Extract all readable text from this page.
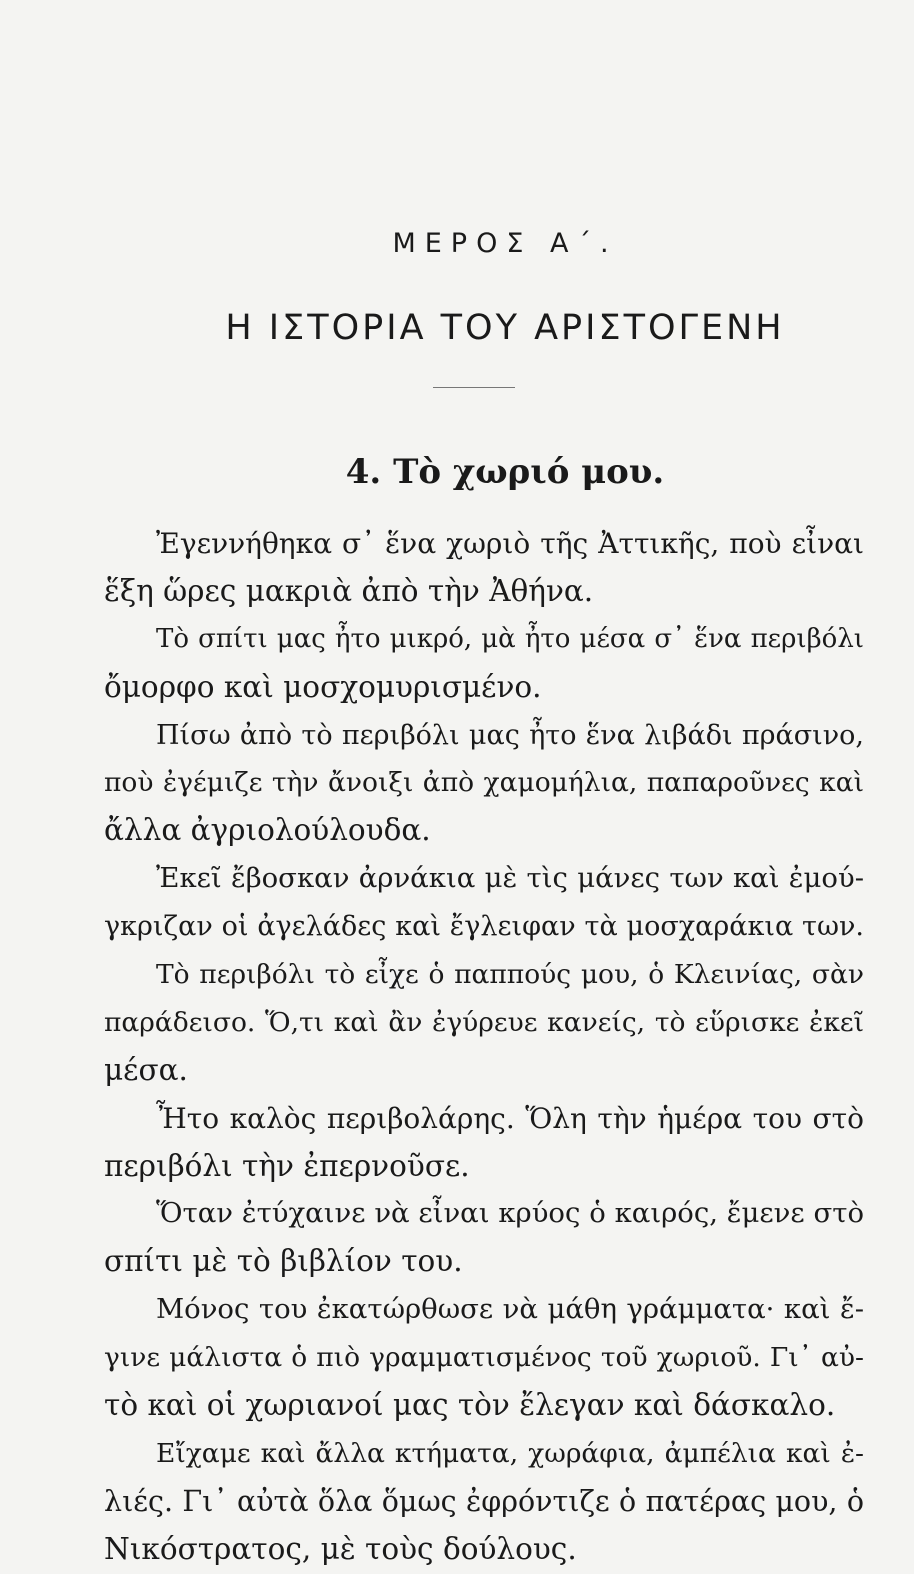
ΜΕΡΟΣ Α΄.
Η ΙΣΤΟΡΙΑ ΤΟΥ ΑΡΙΣΤΟΓΕΝΗ
4. Τὸ χωριό μου.
Ἐγεννήθηκα σ᾿ ἕνα χωριὸ τῆς Ἀττικῆς, ποὺ εἶναι
ἕξη ὥρες μακριὰ ἀπὸ τὴν Ἀθήνα.
Τὸ σπίτι μας ἦτο μικρό, μὰ ἦτο μέσα σ᾿ ἕνα περιβόλι
ὄμορφο καὶ μοσχομυρισμένο.
Πίσω ἀπὸ τὸ περιβόλι μας ἦτο ἕνα λιβάδι πράσινο,
ποὺ ἐγέμιζε τὴν ἄνοιξι ἀπὸ χαμομήλια, παπαροῦνες καὶ
ἄλλα ἀγριολούλουδα.
Ἐκεῖ ἔβοσκαν ἀρνάκια μὲ τὶς μάνες των καὶ ἐμού-
γκριζαν οἱ ἀγελάδες καὶ ἔγλειφαν τὰ μοσχαράκια των.
Τὸ περιβόλι τὸ εἶχε ὁ παππούς μου, ὁ Κλεινίας, σὰν
παράδεισο. Ὅ,τι καὶ ἂν ἐγύρευε κανείς, τὸ εὕρισκε ἐκεῖ
μέσα.
Ἦτο καλὸς περιβολάρης. Ὅλη τὴν ἡμέρα του στὸ
περιβόλι τὴν ἐπερνοῦσε.
Ὅταν ἐτύχαινε νὰ εἶναι κρύος ὁ καιρός, ἔμενε στὸ
σπίτι μὲ τὸ βιβλίον του.
Μόνος του ἐκατώρθωσε νὰ μάθη γράμματα· καὶ ἔ-
γινε μάλιστα ὁ πιὸ γραμματισμένος τοῦ χωριοῦ. Γι᾿ αὐ-
τὸ καὶ οἱ χωριανοί μας τὸν ἔλεγαν καὶ δάσκαλο.
Εἴχαμε καὶ ἄλλα κτήματα, χωράφια, ἀμπέλια καὶ ἐ-
λιές. Γι᾿ αὐτὰ ὅλα ὅμως ἐφρόντιζε ὁ πατέρας μου, ὁ
Νικόστρατος, μὲ τοὺς δούλους.
